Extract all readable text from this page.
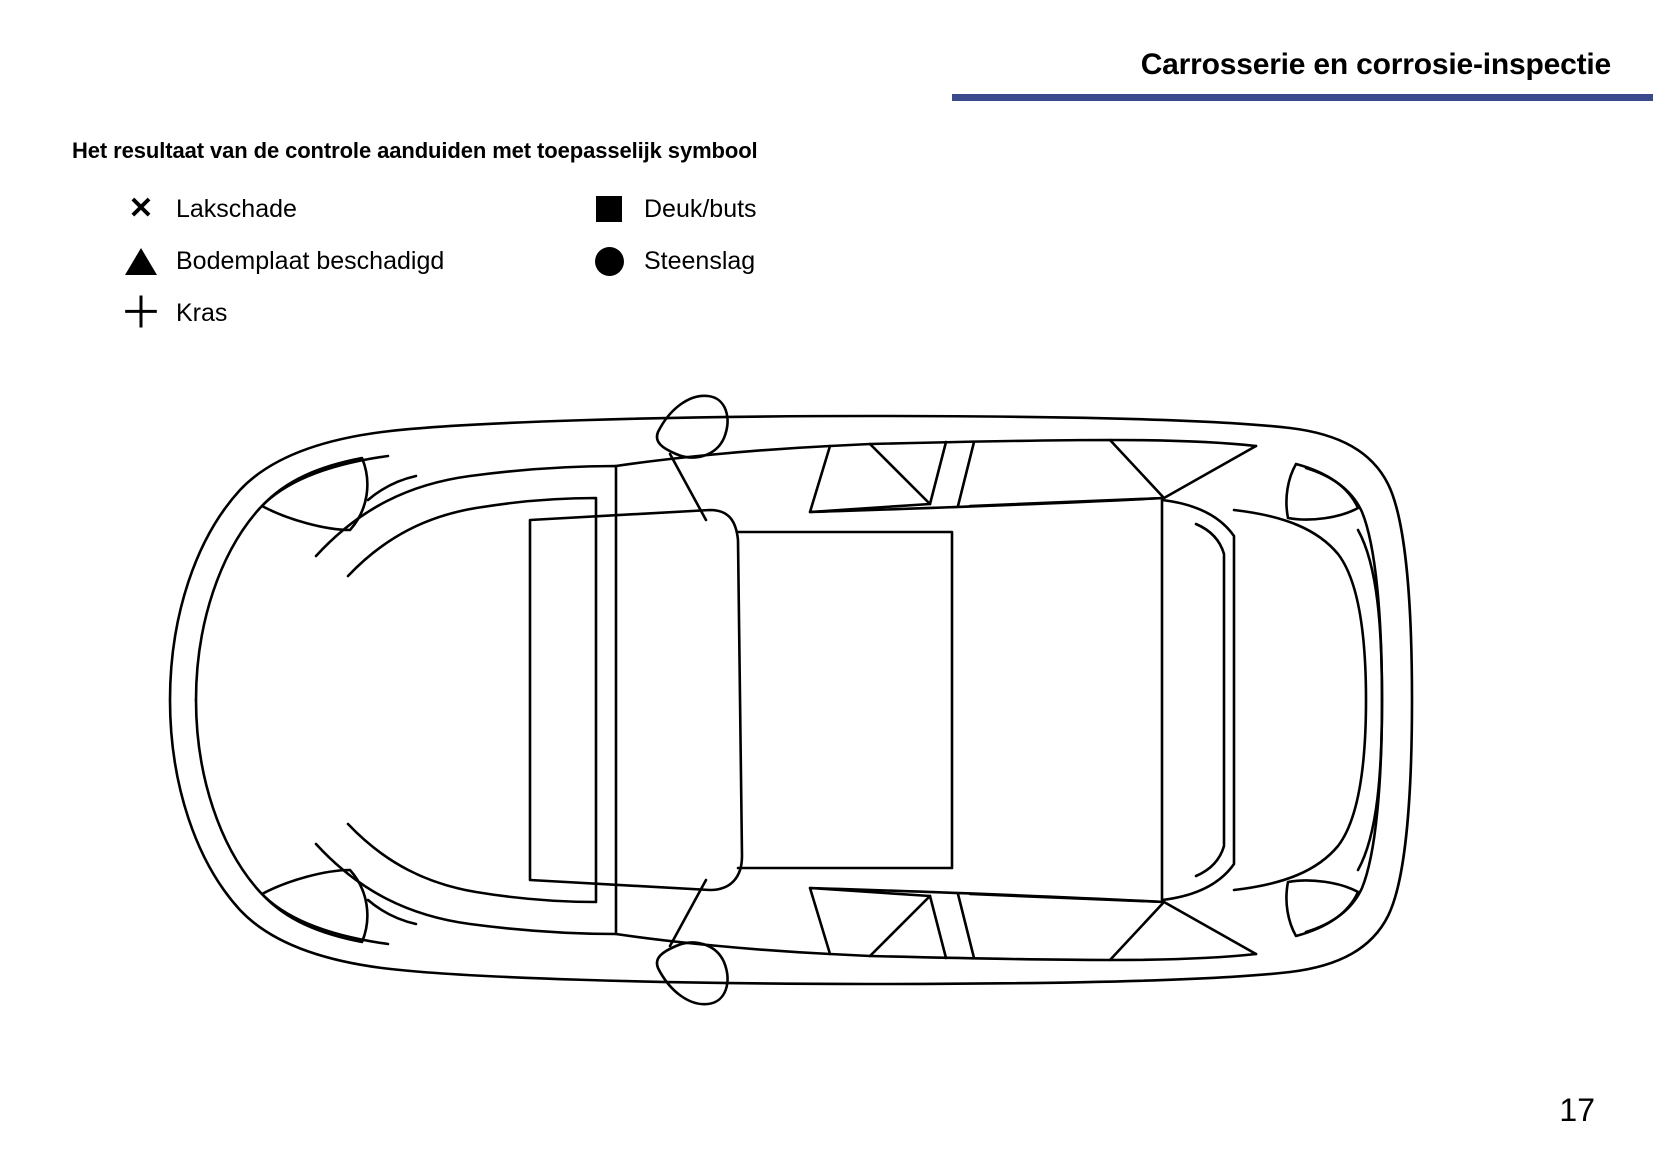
Carrosserie en corrosie-inspectie
Het resultaat van de controle aanduiden met toepasselijk symbool
✕ Lakschade
Bodemplaat beschadigd
＋ Kras
Deuk/buts
Steenslag
17
